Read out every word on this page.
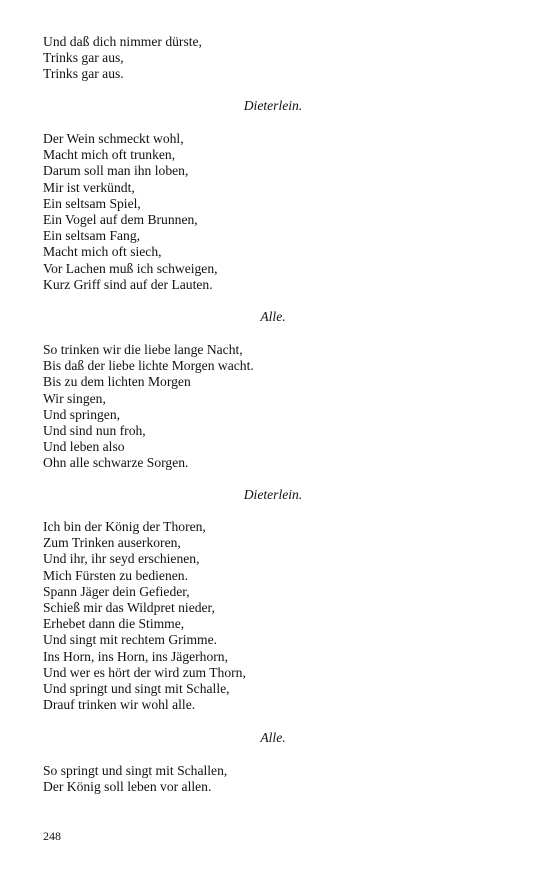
Und daß dich nimmer dürste,
Trinks gar aus,
Trinks gar aus.
Dieterlein.
Der Wein schmeckt wohl,
Macht mich oft trunken,
Darum soll man ihn loben,
Mir ist verkündt,
Ein seltsam Spiel,
Ein Vogel auf dem Brunnen,
Ein seltsam Fang,
Macht mich oft siech,
Vor Lachen muß ich schweigen,
Kurz Griff sind auf der Lauten.
Alle.
So trinken wir die liebe lange Nacht,
Bis daß der liebe lichte Morgen wacht.
Bis zu dem lichten Morgen
Wir singen,
Und springen,
Und sind nun froh,
Und leben also
Ohn alle schwarze Sorgen.
Dieterlein.
Ich bin der König der Thoren,
Zum Trinken auserkoren,
Und ihr, ihr seyd erschienen,
Mich Fürsten zu bedienen.
Spann Jäger dein Gefieder,
Schieß mir das Wildpret nieder,
Erhebet dann die Stimme,
Und singt mit rechtem Grimme.
Ins Horn, ins Horn, ins Jägerhorn,
Und wer es hört der wird zum Thorn,
Und springt und singt mit Schalle,
Drauf trinken wir wohl alle.
Alle.
So springt und singt mit Schallen,
Der König soll leben vor allen.
248
